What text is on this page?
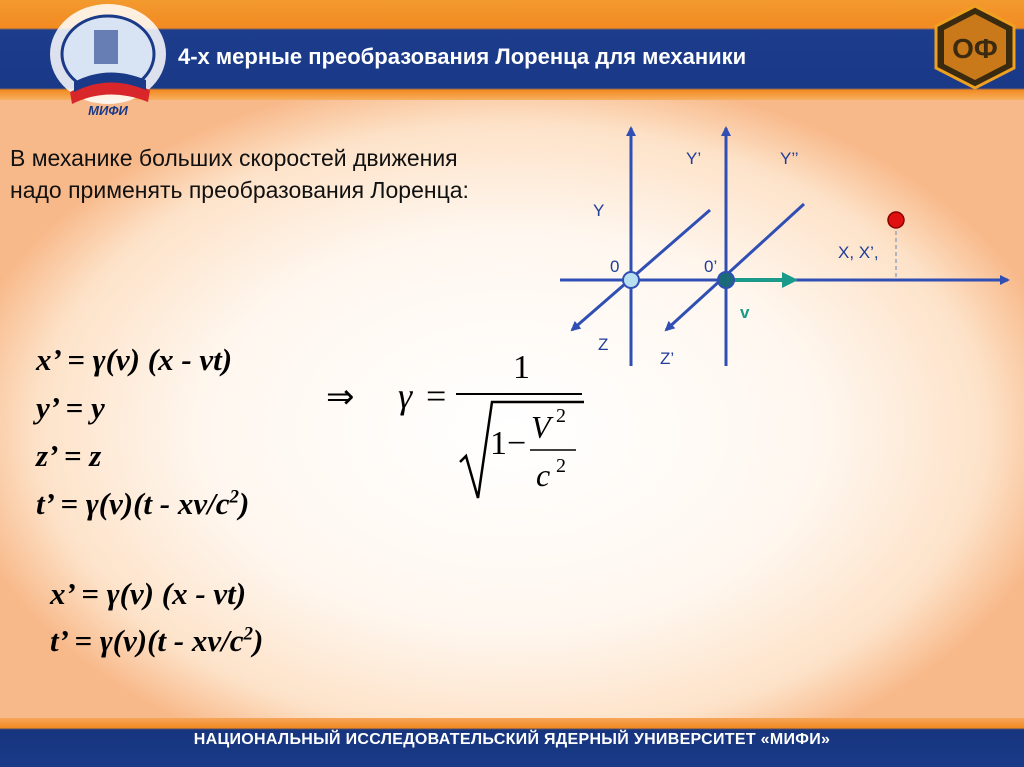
МИФИ
4-х мерные преобразования Лоренца для механики	ОФ
В механике больших скоростей движения
надо применять преобразования Лоренца:
Y
Y’	Y’’
0	0’
X, X’,
Z
Z’
v
x’ = γ(v) (x - vt)
y’ = y
z’ = z
t’ = $\gamma(v)(t - xv/c^2)$
⇒ γ =
1
1 − V 2
c 2
x’ = γ(v) (x - vt)
t’ = $\gamma(v)(t - xv/c^2)$
НАЦИОНАЛЬНЫЙ ИССЛЕДОВАТЕЛЬСКИЙ ЯДЕРНЫЙ УНИВЕРСИТЕТ «МИФИ»
